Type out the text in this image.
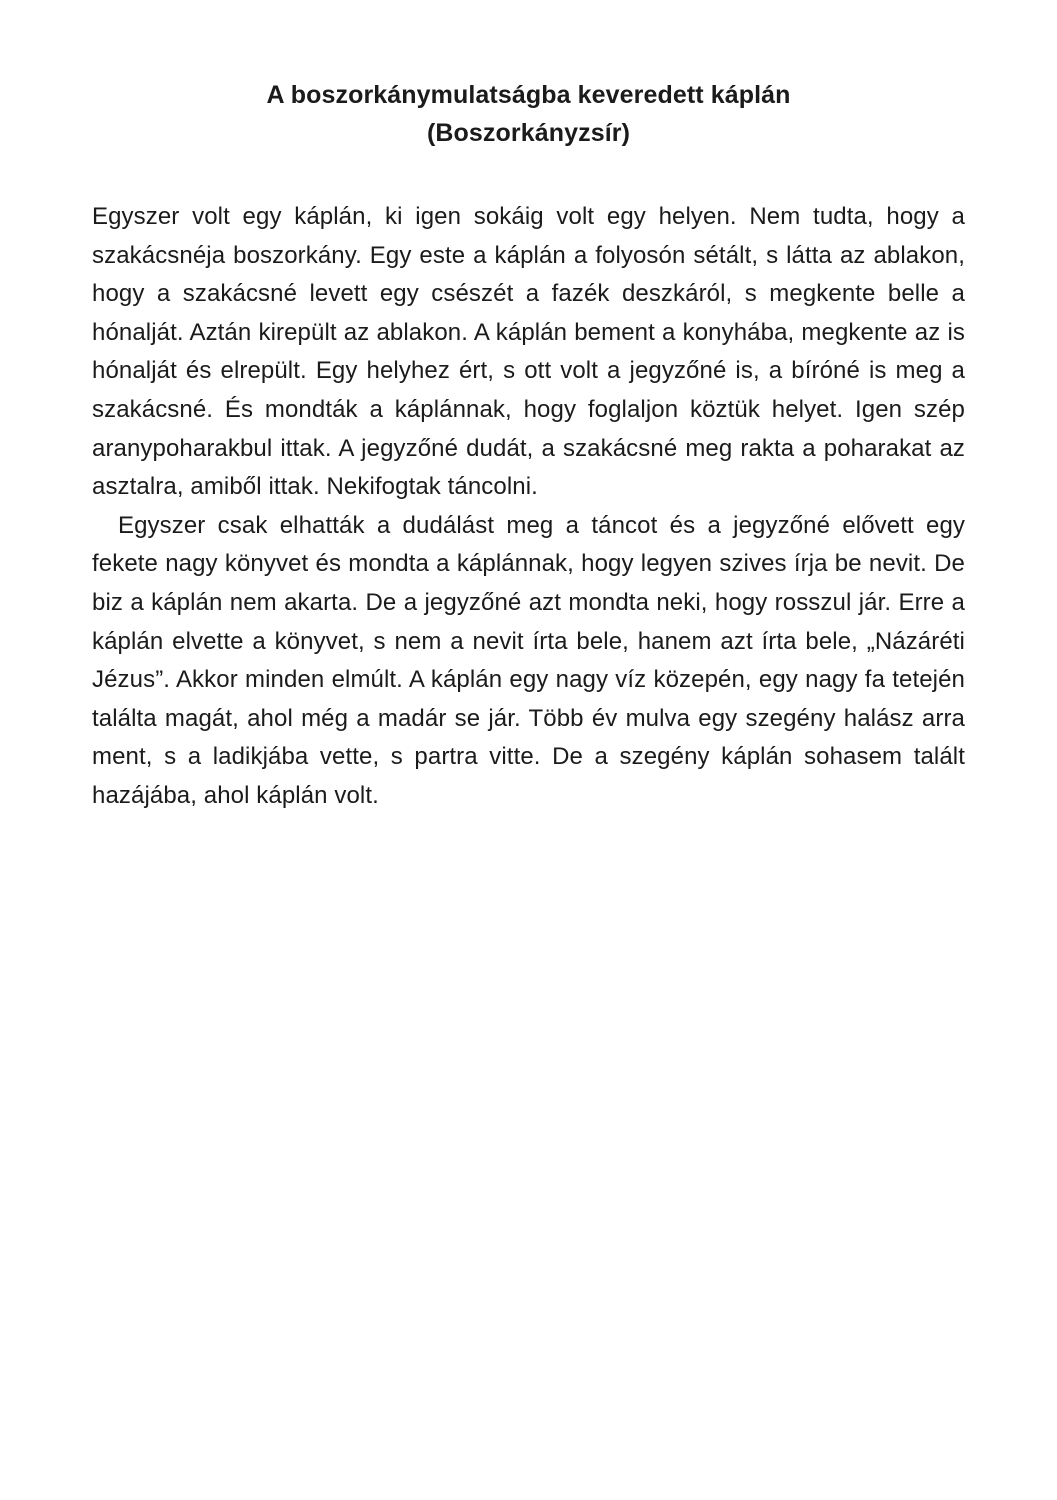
A boszorkánymulatságba keveredett káplán
(Boszorkányzsír)

Egyszer volt egy káplán, ki igen sokáig volt egy helyen. Nem tudta, hogy a szakácsnéja boszorkány. Egy este a káplán a folyosón sétált, s látta az ablakon, hogy a szakácsné levett egy csészét a fazék deszkáról, s megkente belle a hónalját. Aztán kirepült az ablakon. A káplán bement a konyhába, megkente az is hónalját és elrepült. Egy helyhez ért, s ott volt a jegyzőné is, a bíróné is meg a szakácsné. És mondták a káplánnak, hogy foglaljon köztük helyet. Igen szép aranypoharakbul ittak. A jegyzőné dudát, a szakácsné meg rakta a poharakat az asztalra, amiből ittak. Nekifogtak táncolni.

Egyszer csak elhatták a dudálást meg a táncot és a jegyzőné elővett egy fekete nagy könyvet és mondta a káplánnak, hogy legyen szives írja be nevit. De biz a káplán nem akarta. De a jegyzőné azt mondta neki, hogy rosszul jár. Erre a káplán elvette a könyvet, s nem a nevit írta bele, hanem azt írta bele, „Názáréti Jézus”. Akkor minden elmúlt. A káplán egy nagy víz közepén, egy nagy fa tetején találta magát, ahol még a madár se jár. Több év mulva egy szegény halász arra ment, s a ladikjába vette, s partra vitte. De a szegény káplán sohasem talált hazájába, ahol káplán volt.
